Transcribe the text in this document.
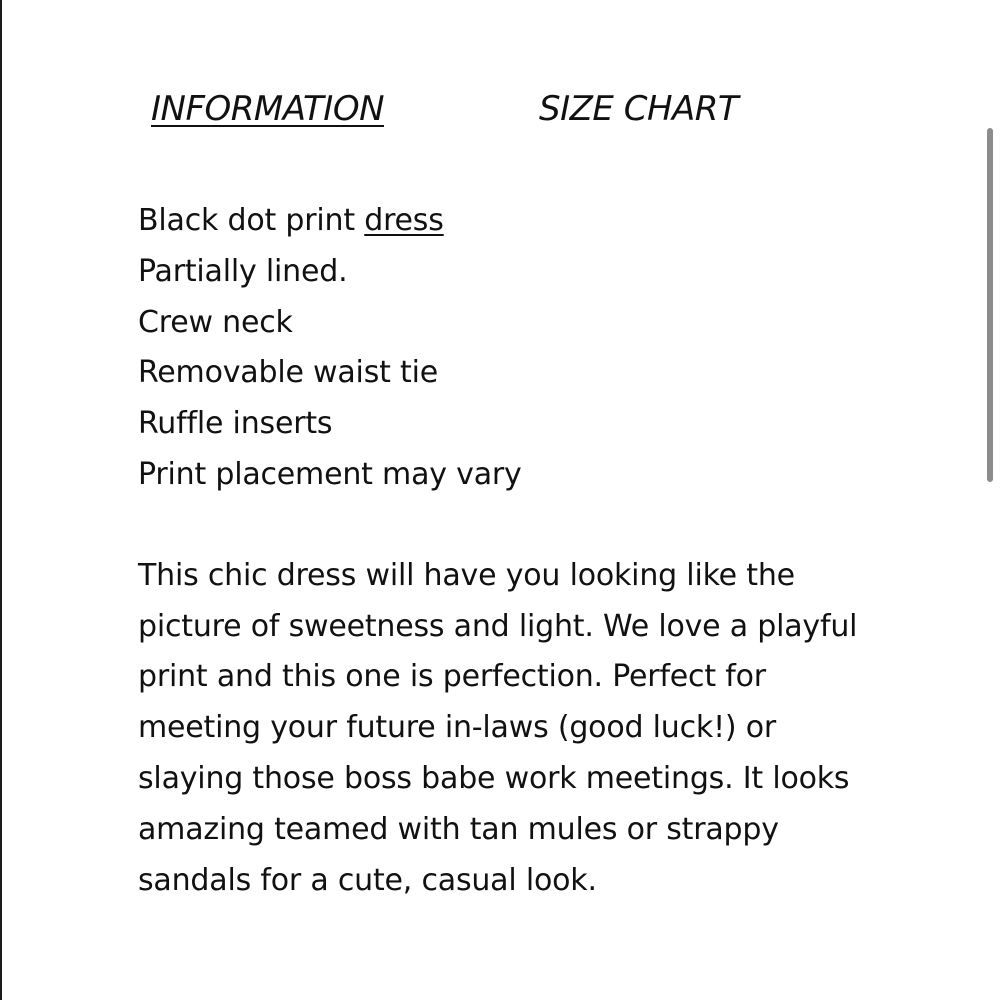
INFORMATION	SIZE CHART
Black dot print dress
Partially lined.
Crew neck
Removable waist tie
Ruffle inserts
Print placement may vary

This chic dress will have you looking like the picture of sweetness and light. We love a playful print and this one is perfection. Perfect for meeting your future in-laws (good luck!) or slaying those boss babe work meetings. It looks amazing teamed with tan mules or strappy sandals for a cute, casual look.
